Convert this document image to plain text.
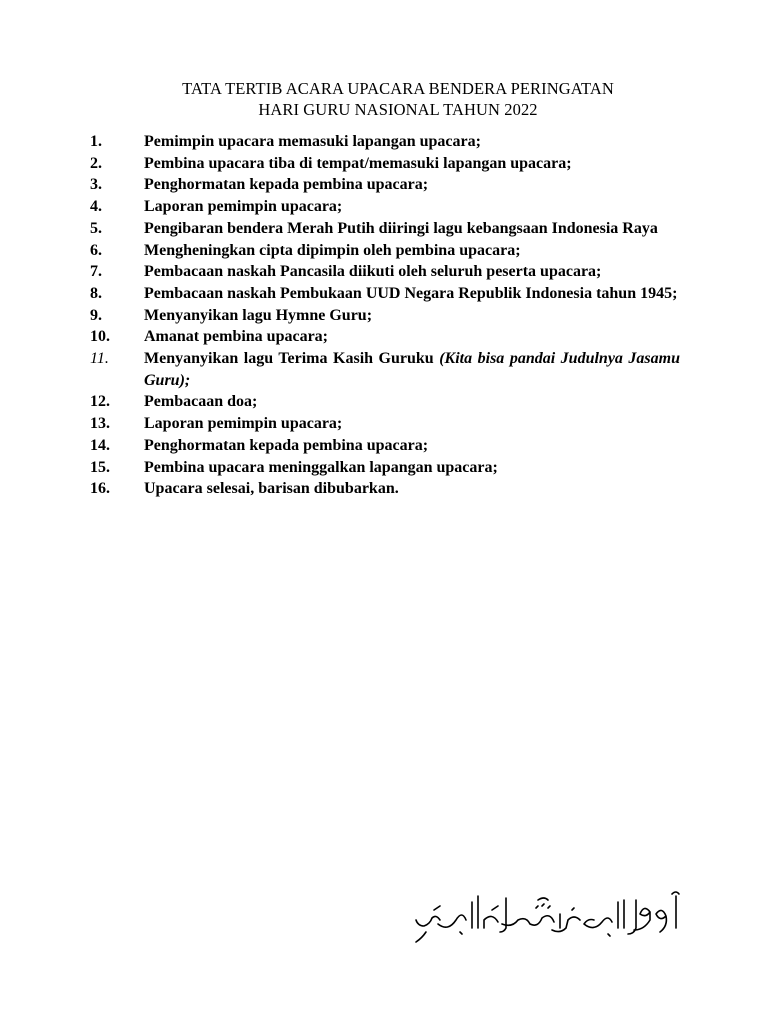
TATA TERTIB ACARA UPACARA BENDERA PERINGATAN
HARI GURU NASIONAL TAHUN 2022
1.	Pemimpin upacara memasuki lapangan upacara;
2.	Pembina upacara tiba di tempat/memasuki lapangan upacara;
3.	Penghormatan kepada pembina upacara;
4.	Laporan pemimpin upacara;
5.	Pengibaran bendera Merah Putih diiringi lagu kebangsaan Indonesia Raya
6.	Mengheningkan cipta dipimpin oleh pembina upacara;
7.	Pembacaan naskah Pancasila diikuti oleh seluruh peserta upacara;
8.	Pembacaan naskah Pembukaan UUD Negara Republik Indonesia tahun 1945;
9.	Menyanyikan lagu Hymne Guru;
10.	Amanat pembina upacara;
11.	Menyanyikan lagu Terima Kasih Guruku (Kita bisa pandai Judulnya Jasamu Guru);
12.	Pembacaan doa;
13.	Laporan pemimpin upacara;
14.	Penghormatan kepada pembina upacara;
15.	Pembina upacara meninggalkan lapangan upacara;
16.	Upacara selesai, barisan dibubarkan.
